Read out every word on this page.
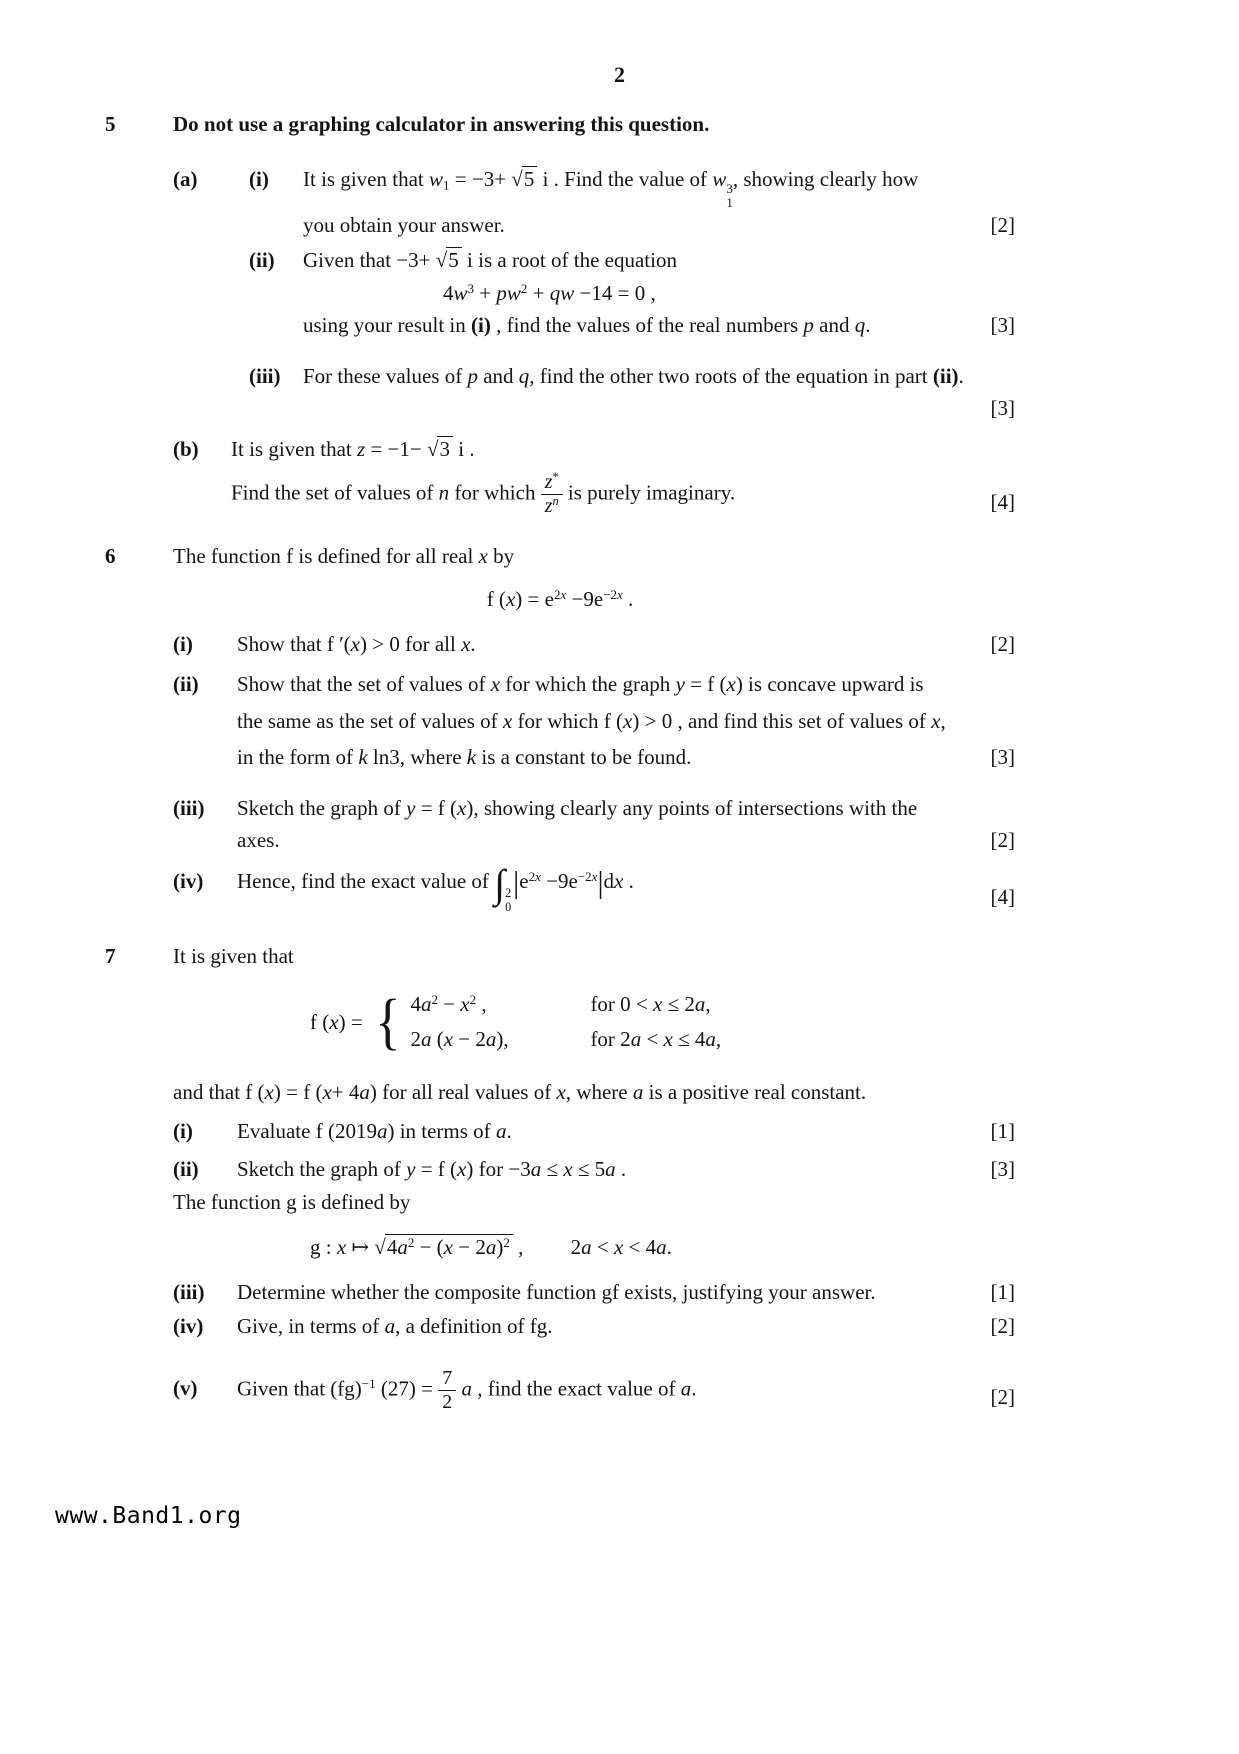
2
5	Do not use a graphing calculator in answering this question.
(a)	(i)	It is given that $w_1 = -3+ √5$ i . Find the value of w 3
1
, showing clearly how
you obtain your answer.	[2]
(ii)	Given that −3+ √5 i is a root of the equation
$4w^3 + pw^2$ + qw −14 = 0 ,
using your result in (i) , find the values of the real numbers p and q.	[3]
(iii)	For these values of p and q, find the other two roots of the equation in part (ii).
[3]
(b)	It is given that z = −1− √3 i .
Find the set of values of n for which $\frac{z^*}{z^n}$ is purely imaginary.	[4]
6	The function f is defined for all real x by
f $(x) = e^{2x} -9e^{-2x}$ .
(i)	Show that f ′(x) > 0 for all x.	[2]
(ii)	Show that the set of values of x for which the graph y = f (x) is concave upward is
the same as the set of values of x for which f (x) > 0 , and find this set of values of x,
in the form of k ln3, where k is a constant to be found.	[3]
(iii)	Sketch the graph of y = f (x), showing clearly any points of intersections with the
axes.	[2]
(iv)	Hence, find the exact value of ∫ 2
0
$|e^{2x} -9e^{-2x}|dx$ .
[4]
7	It is given that
f (x) = { $4a^2 - x^2$ ,	for 0 < x ≤ 2a,
2a (x − 2a),	for 2a < x ≤ 4a,
and that f (x) = f (x+ 4a) for all real values of x, where a is a positive real constant.
(i)	Evaluate f (2019a) in terms of a.	[1]
(ii)	Sketch the graph of y = f (x) for −3a ≤ x ≤ 5a .	[3]
The function g is defined by
g : x ↦ $√4a^2 - (x - 2a)^2$ ,         2a < x < 4a.
(iii)	Determine whether the composite function gf exists, justifying your answer.	[1]
(iv)	Give, in terms of a, a definition of fg.	[2]
(v)	Given that (fg)$^{-1}$ $(27) = \frac{7}{2}$ a , find the exact value of a.	[2]
www.Band1.org
